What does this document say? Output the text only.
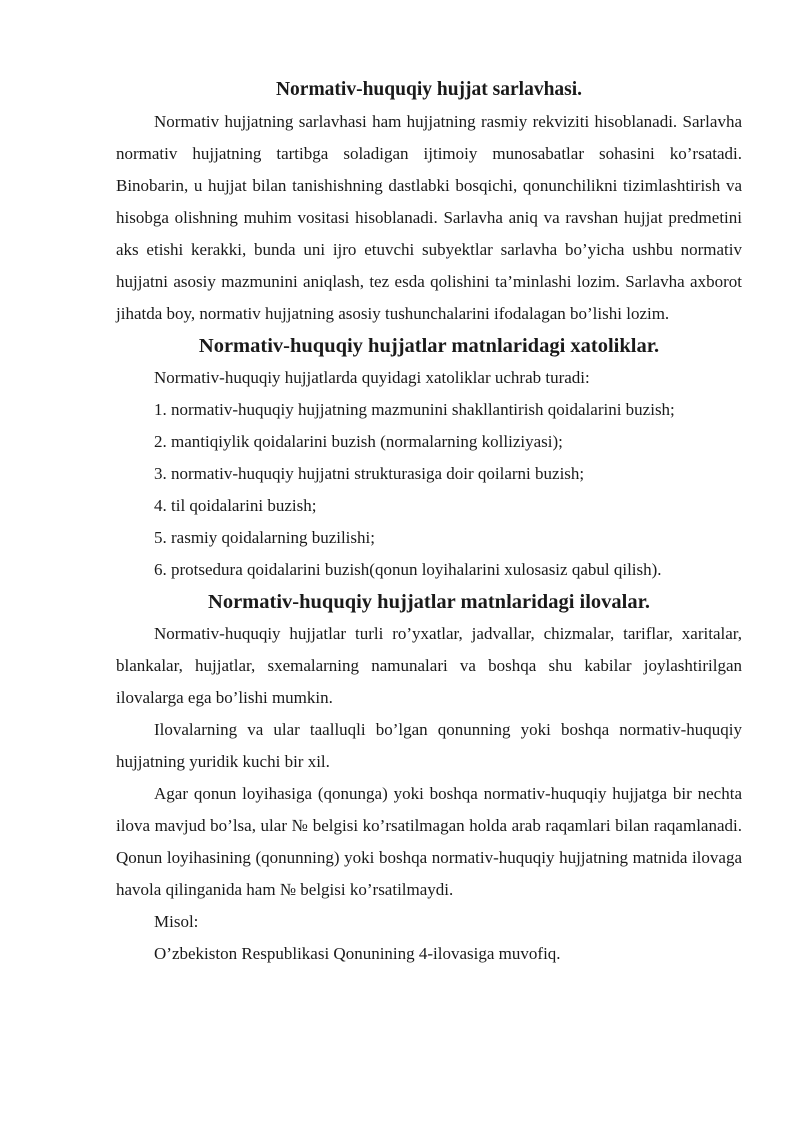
Normativ-huquqiy hujjat sarlavhasi.

Normativ hujjatning sarlavhasi ham hujjatning rasmiy rekviziti hisoblanadi. Sarlavha normativ hujjatning tartibga soladigan ijtimoiy munosabatlar sohasini ko’rsatadi. Binobarin, u hujjat bilan tanishishning dastlabki bosqichi, qonunchilikni tizimlashtirish va hisobga olishning muhim vositasi hisoblanadi. Sarlavha aniq va ravshan hujjat predmetini aks etishi kerakki, bunda uni ijro etuvchi subyektlar sarlavha bo’yicha ushbu normativ hujjatni asosiy mazmunini aniqlash, tez esda qolishini ta’minlashi lozim. Sarlavha axborot jihatda boy, normativ hujjatning asosiy tushunchalarini ifodalagan bo’lishi lozim.

Normativ-huquqiy hujjatlar matnlaridagi xatoliklar.

Normativ-huquqiy hujjatlarda quyidagi xatoliklar uchrab turadi:

1. normativ-huquqiy hujjatning mazmunini shakllantirish qoidalarini buzish;

2. mantiqiylik qoidalarini buzish (normalarning kolliziyasi);

3. normativ-huquqiy hujjatni strukturasiga doir qoilarni buzish;

4. til qoidalarini buzish;

5. rasmiy qoidalarning buzilishi;

6. protsedura qoidalarini buzish(qonun loyihalarini xulosasiz qabul qilish).

Normativ-huquqiy hujjatlar matnlaridagi ilovalar.

Normativ-huquqiy hujjatlar turli ro’yxatlar, jadvallar, chizmalar, tariflar, xaritalar, blankalar, hujjatlar, sxemalarning namunalari va boshqa shu kabilar joylashtirilgan ilovalarga ega bo’lishi mumkin.

Ilovalarning va ular taalluqli bo’lgan qonunning yoki boshqa normativ-huquqiy hujjatning yuridik kuchi bir xil.

Agar qonun loyihasiga (qonunga) yoki boshqa normativ-huquqiy hujjatga bir nechta ilova mavjud bo’lsa, ular № belgisi ko’rsatilmagan holda arab raqamlari bilan raqamlanadi. Qonun loyihasining (qonunning) yoki boshqa normativ-huquqiy hujjatning matnida ilovaga havola qilinganida ham № belgisi ko’rsatilmaydi.

Misol:

O’zbekiston Respublikasi Qonunining 4-ilovasiga muvofiq.
